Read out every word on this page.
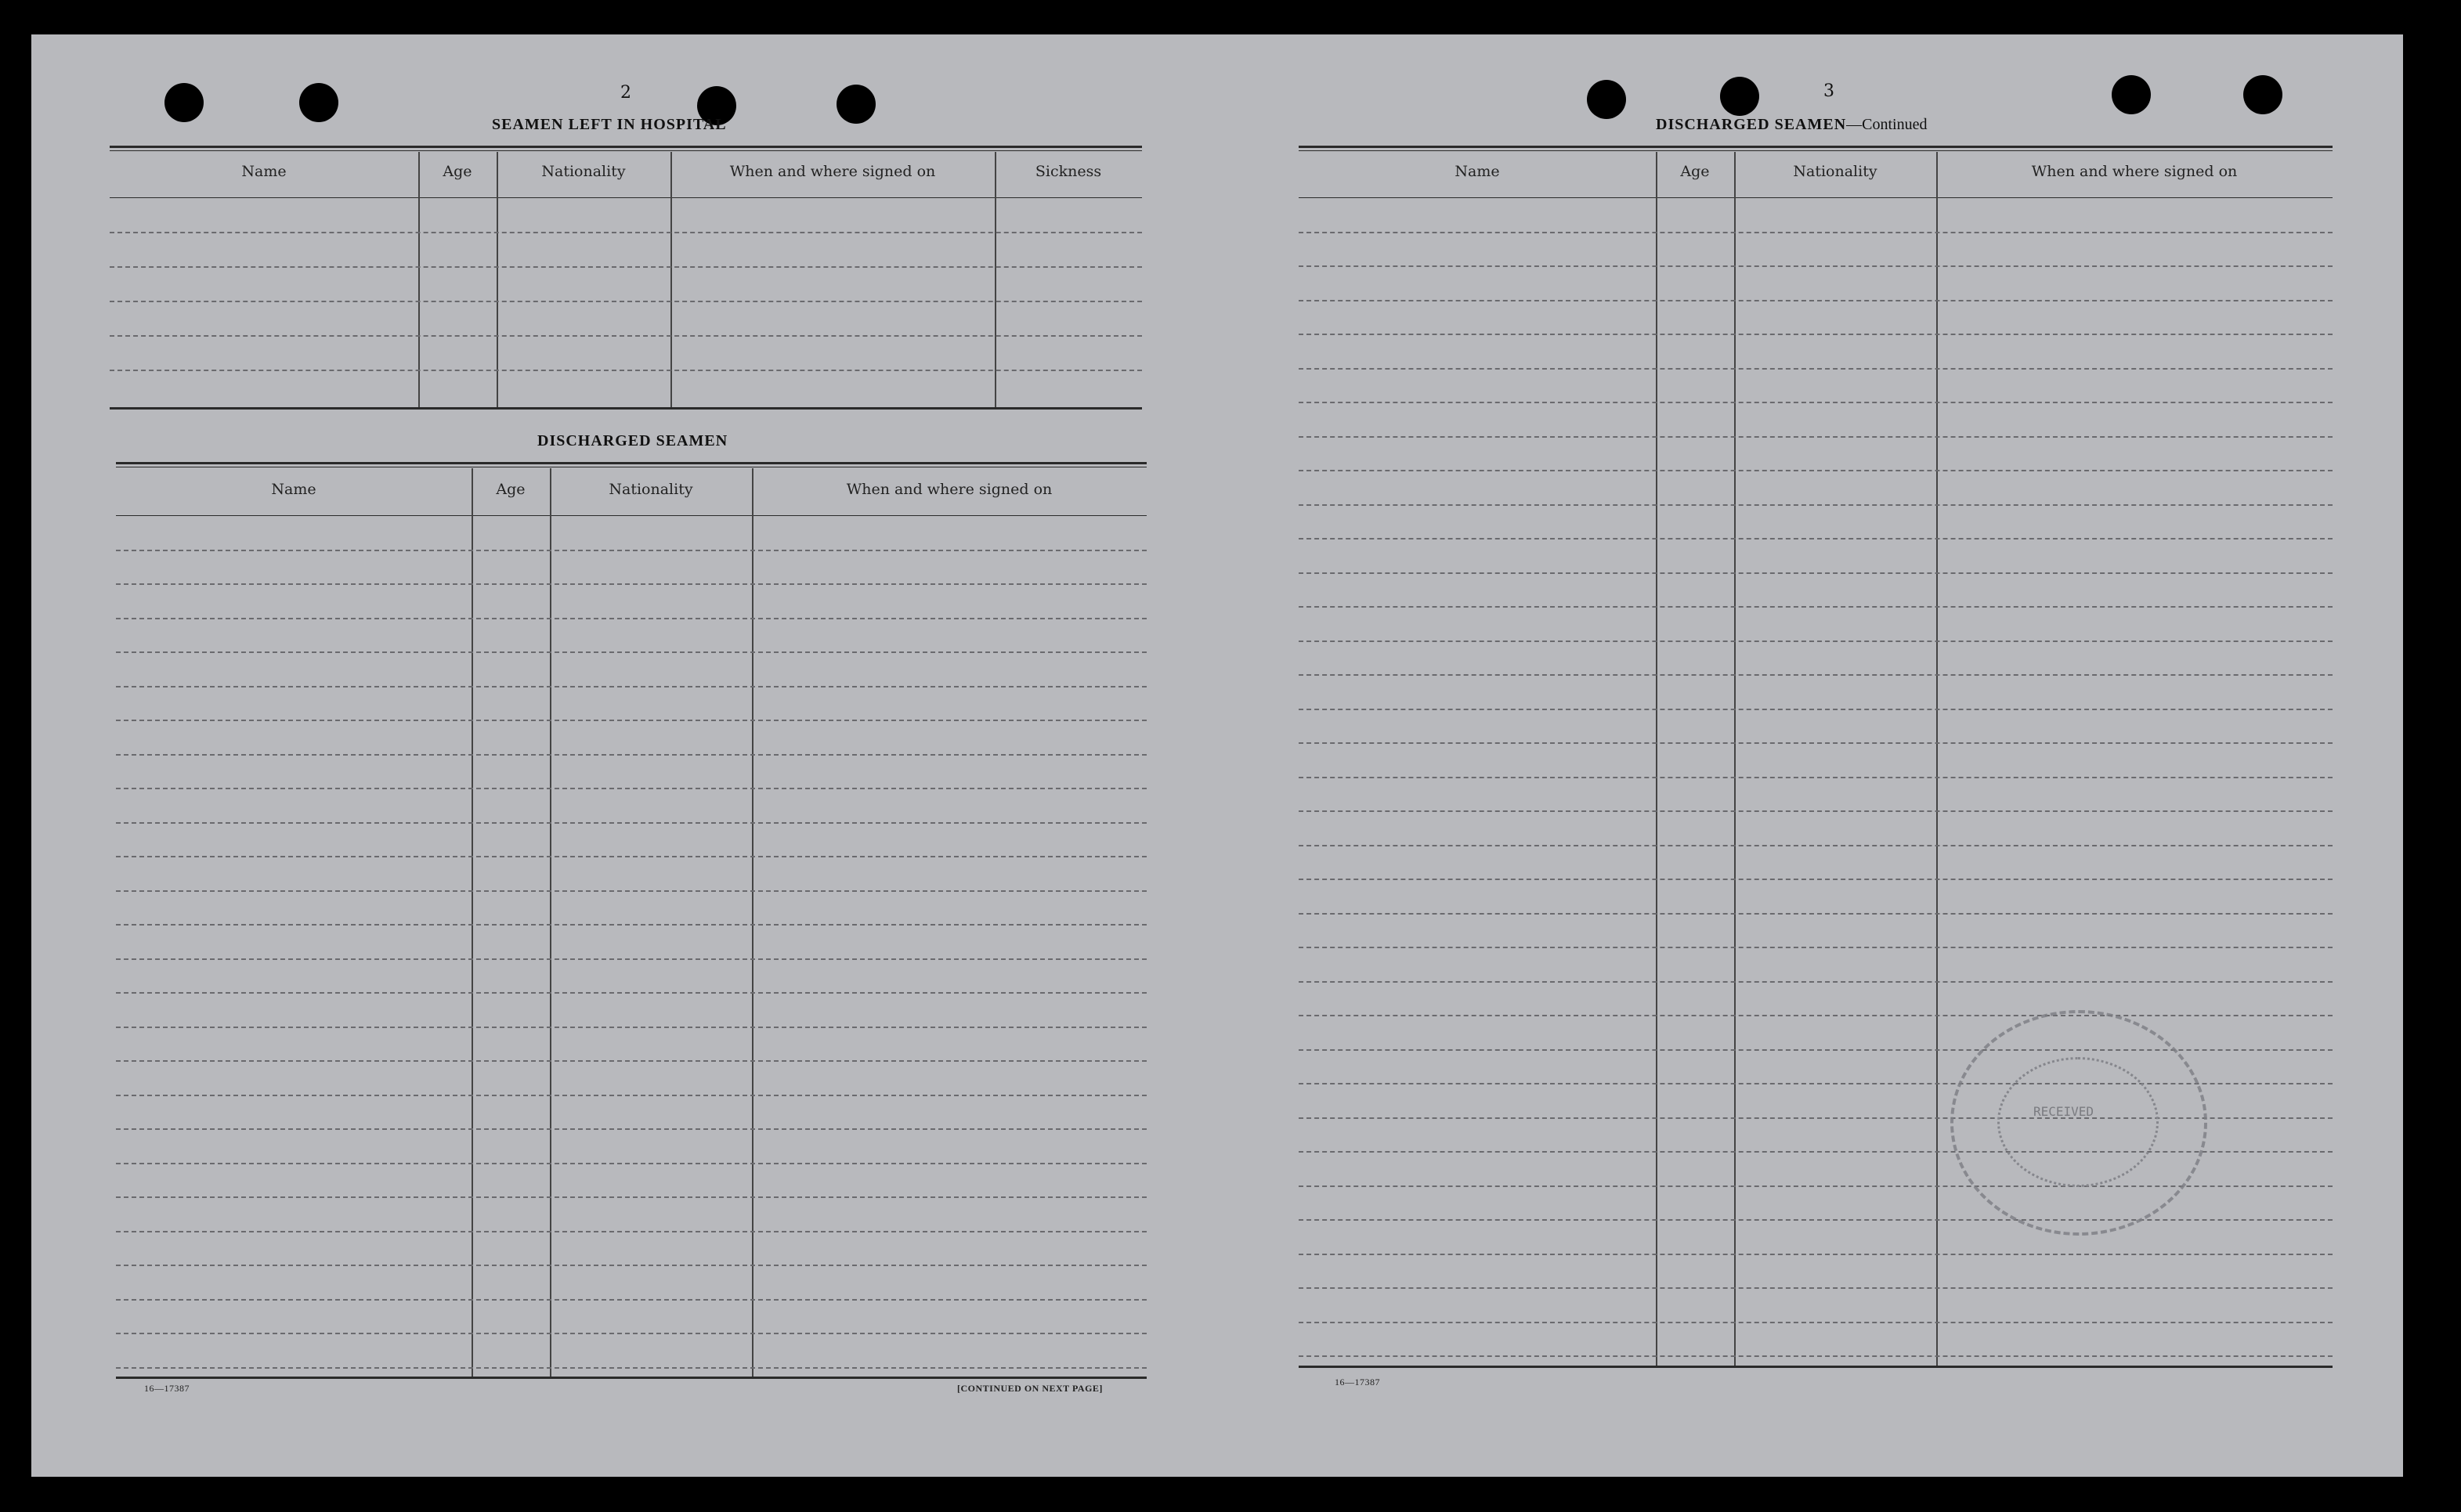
2
SEAMEN LEFT IN HOSPITAL
Name	Age	Nationality	When and where signed on	Sickness
DISCHARGED SEAMEN
Name	Age	Nationality	When and where signed on
16—17387	[CONTINUED ON NEXT PAGE]
3
DISCHARGED SEAMEN—Continued
Name	Age	Nationality	When and where signed on
16—17387
RECEIVED
